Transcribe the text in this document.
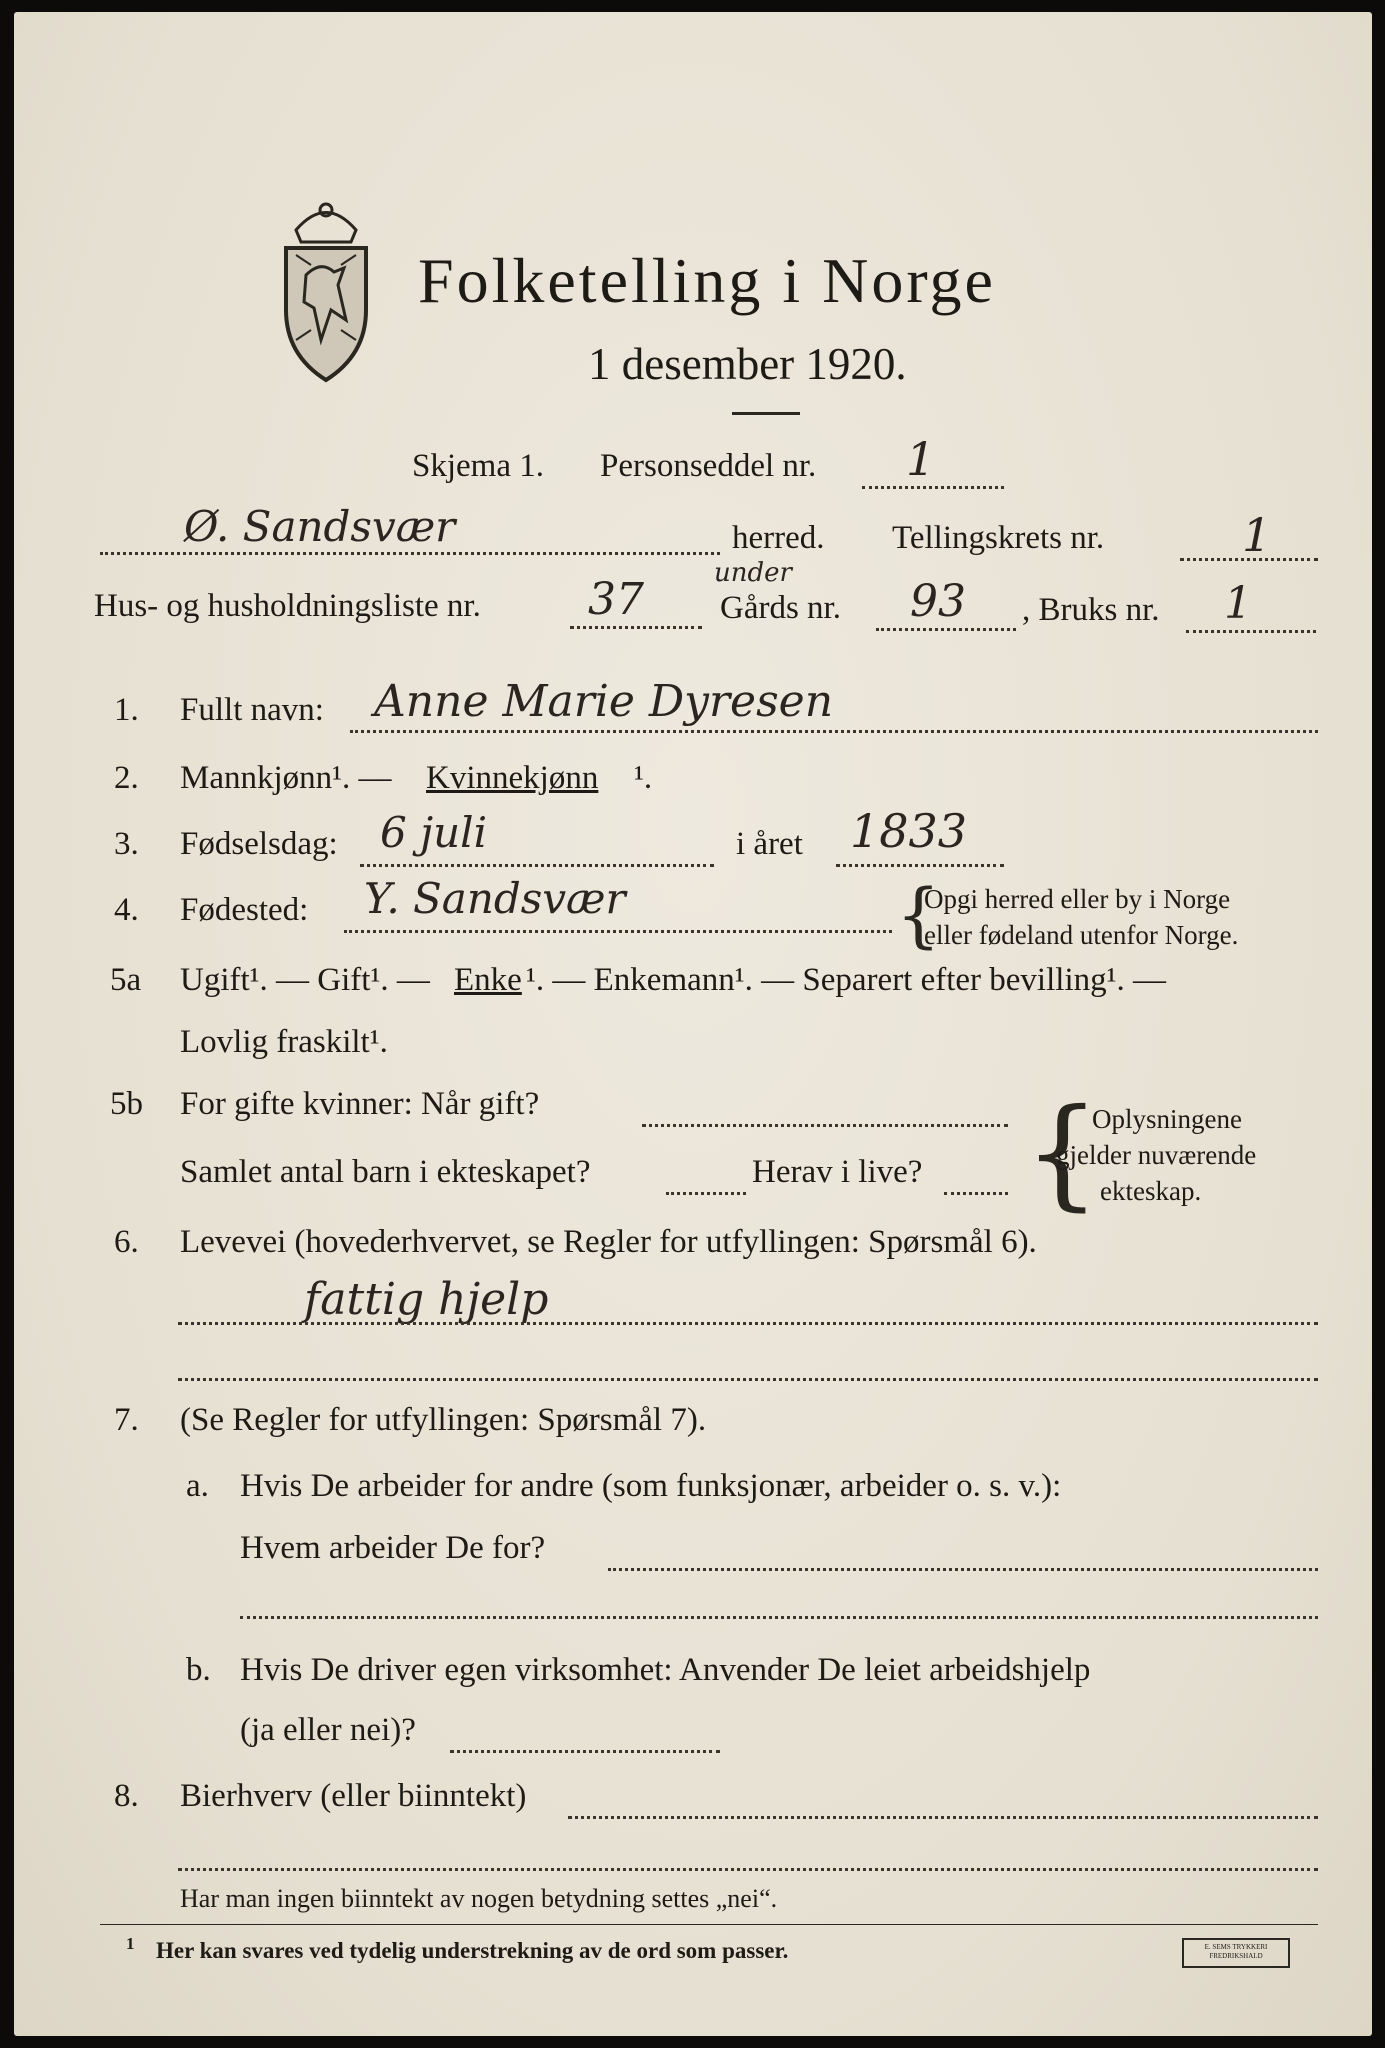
Folketelling i Norge
1 desember 1920.
Skjema 1. Personseddel nr. 1
Ø. Sandsvær	herred. Tellingskrets nr.	1
Hus- og husholdningsliste nr. 37
under
Gårds nr. 93 , Bruks nr. 1
1. Fullt navn: Anne Marie Dyresen
2. Mannkjønn¹. — Kvinnekjønn ¹.
3. Fødselsdag: 6 juli	i året 1833
4. Fødested: Y. Sandsvær	{
Opgi herred eller by i Norge
eller fødeland utenfor Norge.
5a Ugift¹. — Gift¹. — Enke ¹. — Enkemann¹. — Separert efter bevilling¹. —
Lovlig fraskilt¹.
5b For gifte kvinner: Når gift?
Samlet antal barn i ekteskapet?	Herav i live? {
Oplysningene
gjelder nuværende
ekteskap.
6. Levevei (hovederhvervet, se Regler for utfyllingen: Spørsmål 6).
fattig hjelp
7. (Se Regler for utfyllingen: Spørsmål 7).
a. Hvis De arbeider for andre (som funksjonær, arbeider o. s. v.):
Hvem arbeider De for?
b. Hvis De driver egen virksomhet: Anvender De leiet arbeidshjelp
(ja eller nei)?
8. Bierhverv (eller biinntekt)
Har man ingen biinntekt av nogen betydning settes „nei“.
1 Her kan svares ved tydelig understrekning av de ord som passer.	E. SEMS TRYKKERI FREDRIKSHALD
